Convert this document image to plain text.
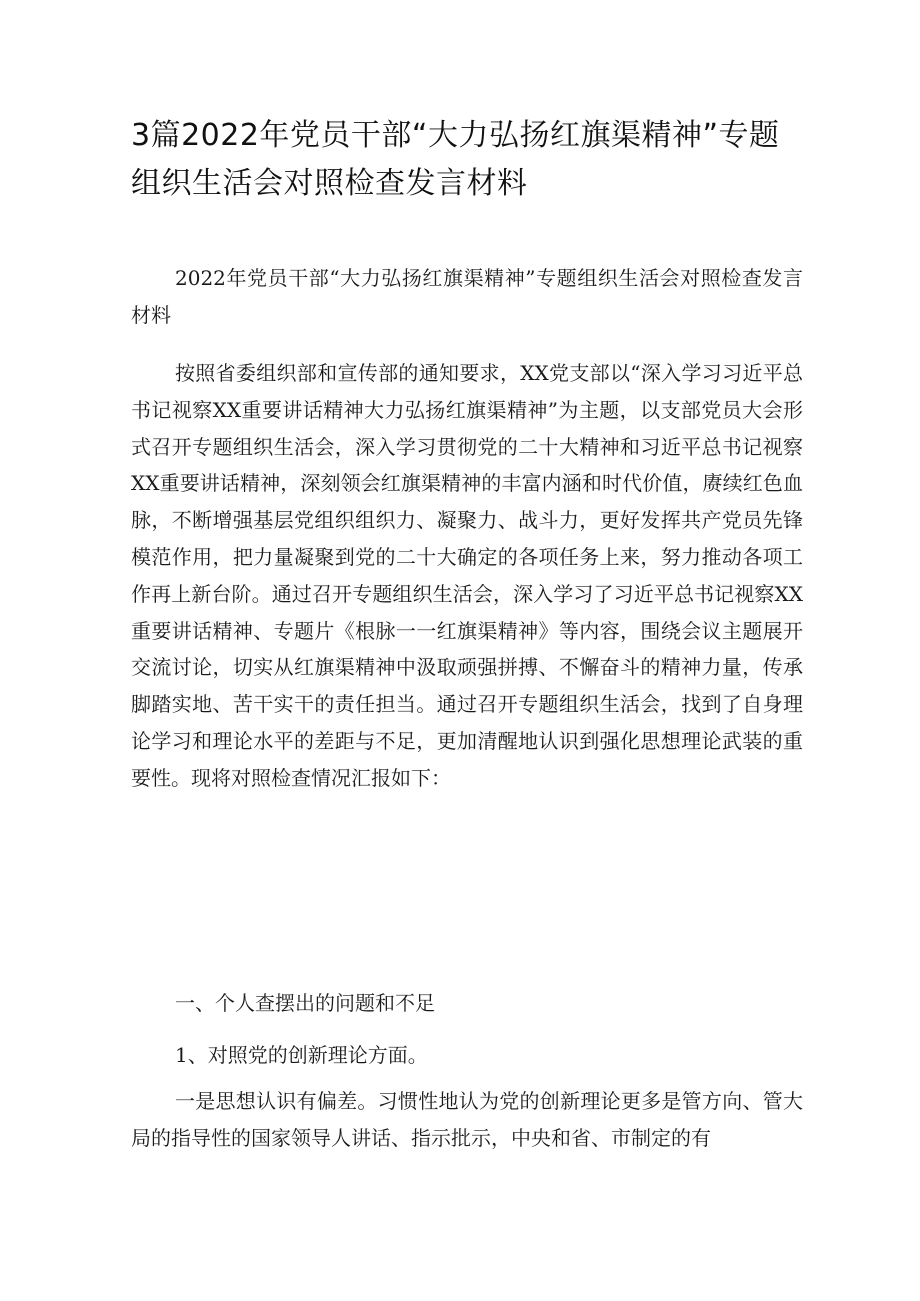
3篇2022年党员干部“大力弘扬红旗渠精神”专题组织生活会对照检查发言材料

2022年党员干部“大力弘扬红旗渠精神”专题组织生活会对照检查发言材料

按照省委组织部和宣传部的通知要求，XX党支部以“深入学习习近平总书记视察XX重要讲话精神大力弘扬红旗渠精神”为主题，以支部党员大会形式召开专题组织生活会，深入学习贯彻党的二十大精神和习近平总书记视察XX重要讲话精神，深刻领会红旗渠精神的丰富内涵和时代价值，赓续红色血脉，不断增强基层党组织组织力、凝聚力、战斗力，更好发挥共产党员先锋模范作用，把力量凝聚到党的二十大确定的各项任务上来，努力推动各项工作再上新台阶。通过召开专题组织生活会，深入学习了习近平总书记视察XX重要讲话精神、专题片《根脉一一红旗渠精神》等内容，围绕会议主题展开交流讨论，切实从红旗渠精神中汲取顽强拼搏、不懈奋斗的精神力量，传承脚踏实地、苦干实干的责任担当。通过召开专题组织生活会，找到了自身理论学习和理论水平的差距与不足，更加清醒地认识到强化思想理论武装的重要性。现将对照检查情况汇报如下：

一、个人查摆出的问题和不足

1、对照党的创新理论方面。

一是思想认识有偏差。习惯性地认为党的创新理论更多是管方向、管大局的指导性的国家领导人讲话、指示批示，中央和省、市制定的有
